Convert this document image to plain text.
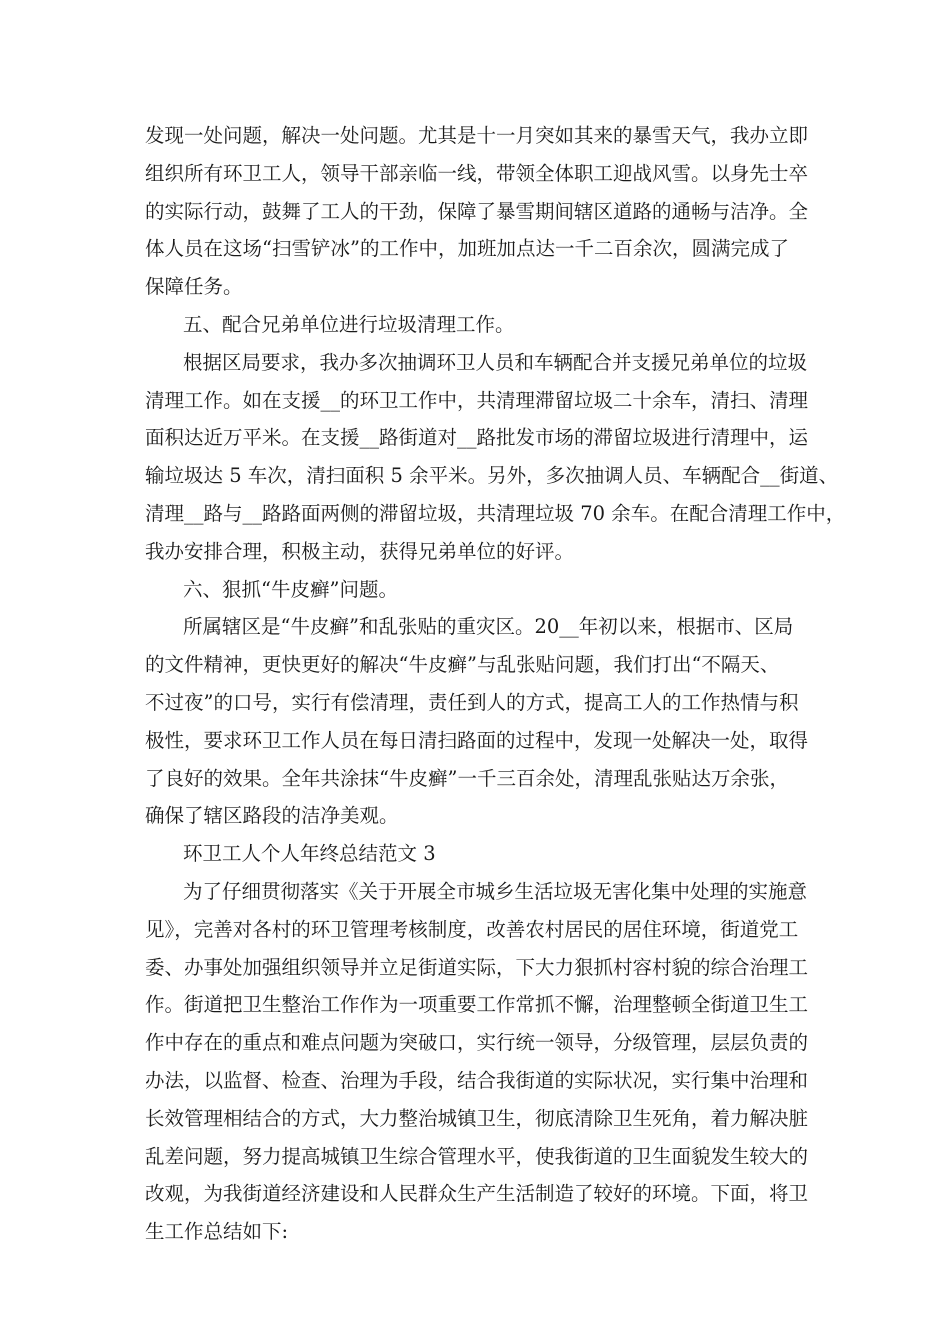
发现一处问题，解决一处问题。尤其是十一月突如其来的暴雪天气，我办立即
组织所有环卫工人，领导干部亲临一线，带领全体职工迎战风雪。以身先士卒
的实际行动，鼓舞了工人的干劲，保障了暴雪期间辖区道路的通畅与洁净。全
体人员在这场“扫雪铲冰”的工作中，加班加点达一千二百余次，圆满完成了
保障任务。
五、配合兄弟单位进行垃圾清理工作。
根据区局要求，我办多次抽调环卫人员和车辆配合并支援兄弟单位的垃圾
清理工作。如在支援__的环卫工作中，共清理滞留垃圾二十余车，清扫、清理
面积达近万平米。在支援__路街道对__路批发市场的滞留垃圾进行清理中，运
输垃圾达 5 车次，清扫面积 5 余平米。另外，多次抽调人员、车辆配合__街道、
清理__路与__路路面两侧的滞留垃圾，共清理垃圾 70 余车。在配合清理工作中，
我办安排合理，积极主动，获得兄弟单位的好评。
六、狠抓“牛皮癣”问题。
所属辖区是“牛皮癣”和乱张贴的重灾区。20__年初以来，根据市、区局
的文件精神，更快更好的解决“牛皮癣”与乱张贴问题，我们打出“不隔天、
不过夜”的口号，实行有偿清理，责任到人的方式，提高工人的工作热情与积
极性，要求环卫工作人员在每日清扫路面的过程中，发现一处解决一处，取得
了良好的效果。全年共涂抹“牛皮癣”一千三百余处，清理乱张贴达万余张，
确保了辖区路段的洁净美观。
环卫工人个人年终总结范文 3
为了仔细贯彻落实《关于开展全市城乡生活垃圾无害化集中处理的实施意
见》，完善对各村的环卫管理考核制度，改善农村居民的居住环境，街道党工
委、办事处加强组织领导并立足街道实际，下大力狠抓村容村貌的综合治理工
作。街道把卫生整治工作作为一项重要工作常抓不懈，治理整顿全街道卫生工
作中存在的重点和难点问题为突破口，实行统一领导，分级管理，层层负责的
办法，以监督、检查、治理为手段，结合我街道的实际状况，实行集中治理和
长效管理相结合的方式，大力整治城镇卫生，彻底清除卫生死角，着力解决脏
乱差问题，努力提高城镇卫生综合管理水平，使我街道的卫生面貌发生较大的
改观，为我街道经济建设和人民群众生产生活制造了较好的环境。下面，将卫
生工作总结如下:
